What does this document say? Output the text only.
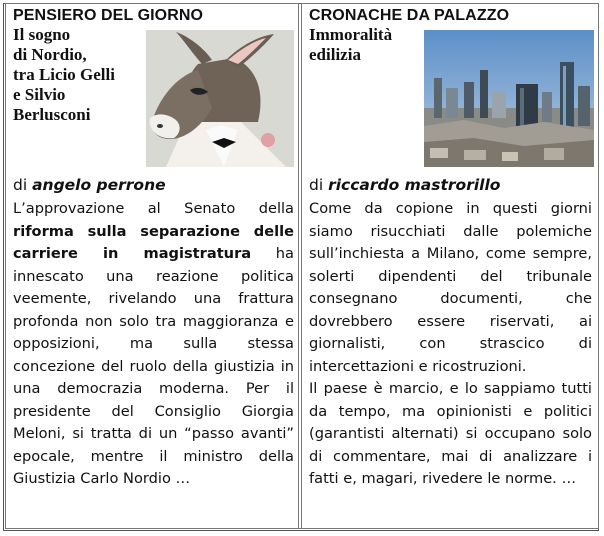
PENSIERO DEL GIORNO
Il sogno
di Nordio,
tra Licio Gelli
e Silvio
Berlusconi
di angelo perrone

L’approvazione al Senato della riforma sulla separazione delle carriere in magistratura ha innescato una reazione politica veemente, rivelando una frattura profonda non solo tra maggioranza e opposizioni, ma sulla stessa concezione del ruolo della giustizia in una democrazia moderna. Per il presidente del Consiglio Giorgia Meloni, si tratta di un “passo avanti” epocale, mentre il ministro della Giustizia Carlo Nordio …

CRONACHE DA PALAZZO
Immoralità
edilizia
di riccardo mastrorillo

Come da copione in questi giorni siamo risucchiati dalle polemiche sull’inchiesta a Milano, come sempre, solerti dipendenti del tribunale consegnano documenti, che dovrebbero essere riservati, ai giornalisti, con strascico di intercettazioni e ricostruzioni.

Il paese è marcio, e lo sappiamo tutti da tempo, ma opinionisti e politici (garantisti alternati) si occupano solo di commentare, mai di analizzare i fatti e, magari, rivedere le norme. …
